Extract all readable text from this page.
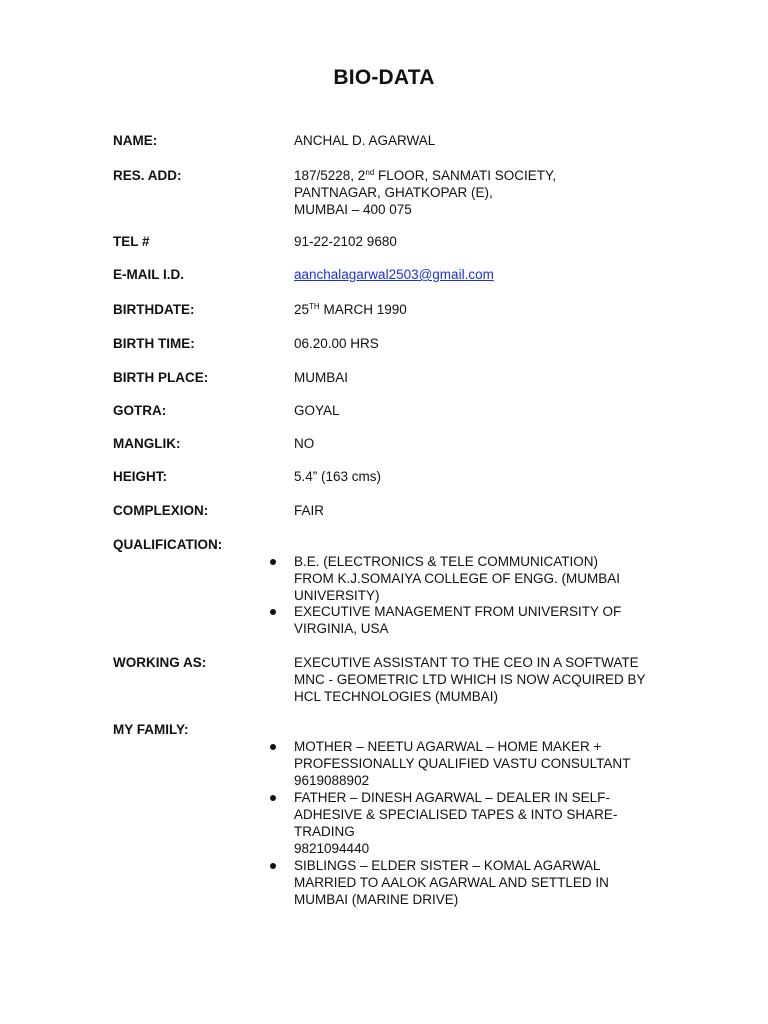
BIO-DATA
NAME:	ANCHAL D. AGARWAL
RES. ADD:	187/5228, 2nd FLOOR, SANMATI SOCIETY,
PANTNAGAR, GHATKOPAR (E),
MUMBAI – 400 075
TEL #	91-22-2102 9680
E-MAIL I.D.	aanchalagarwal2503@gmail.com
BIRTHDATE:	25TH MARCH 1990
BIRTH TIME:	06.20.00 HRS
BIRTH PLACE:	MUMBAI
GOTRA:	GOYAL
MANGLIK:	NO
HEIGHT:	5.4” (163 cms)
COMPLEXION:	FAIR
QUALIFICATION:
B.E. (ELECTRONICS & TELE COMMUNICATION)
FROM K.J.SOMAIYA COLLEGE OF ENGG. (MUMBAI
UNIVERSITY)
EXECUTIVE MANAGEMENT FROM UNIVERSITY OF
VIRGINIA, USA
WORKING AS:	EXECUTIVE ASSISTANT TO THE CEO IN A SOFTWATE
MNC - GEOMETRIC LTD WHICH IS NOW ACQUIRED BY
HCL TECHNOLOGIES (MUMBAI)
MY FAMILY:
MOTHER – NEETU AGARWAL – HOME MAKER +
PROFESSIONALLY QUALIFIED VASTU CONSULTANT
9619088902
FATHER – DINESH AGARWAL – DEALER IN SELF-
ADHESIVE & SPECIALISED TAPES & INTO SHARE-
TRADING
9821094440
SIBLINGS – ELDER SISTER – KOMAL AGARWAL
MARRIED TO AALOK AGARWAL AND SETTLED IN
MUMBAI (MARINE DRIVE)
